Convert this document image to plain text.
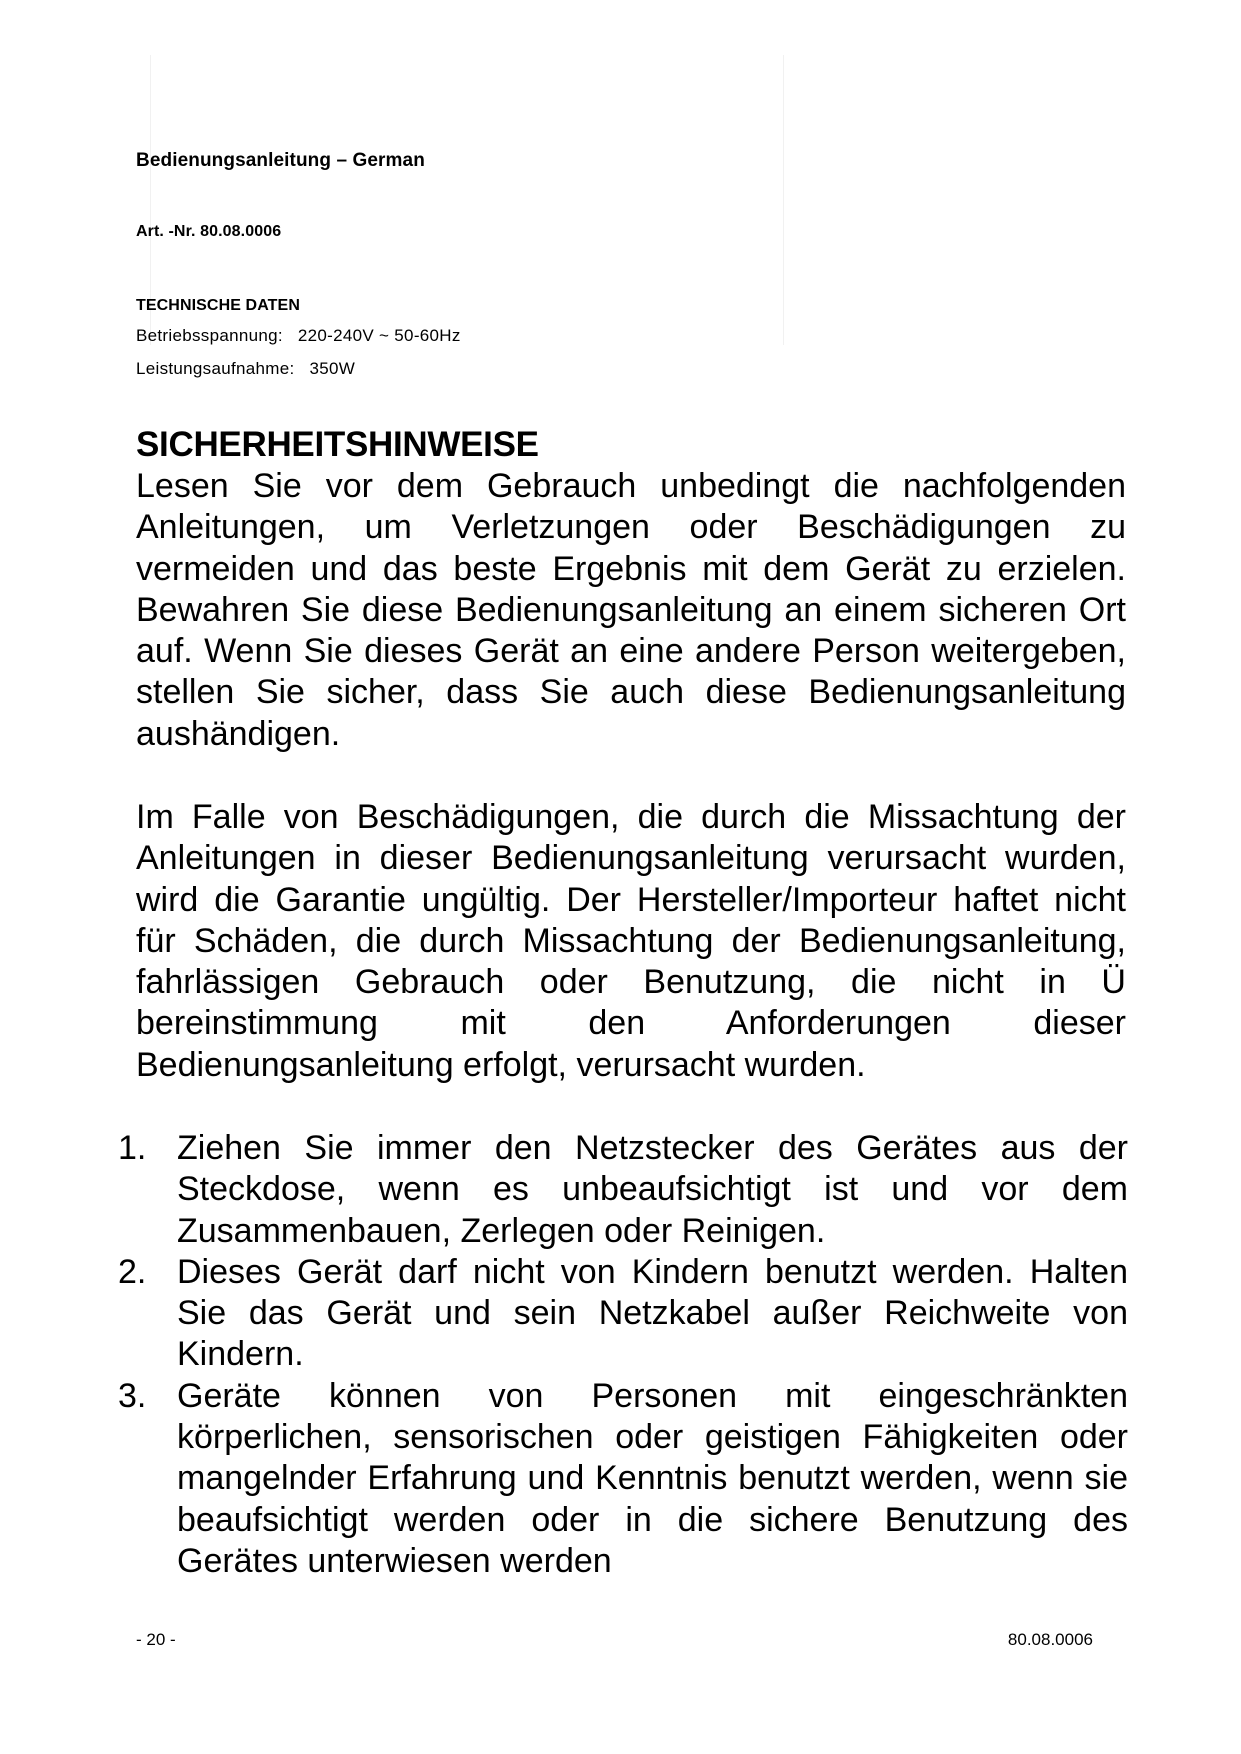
Bedienungsanleitung – German
Art. -Nr. 80.08.0006
TECHNISCHE DATEN
Betriebsspannung: 220-240V ~ 50-60Hz
Leistungsaufnahme: 350W
SICHERHEITSHINWEISE
Lesen Sie vor dem Gebrauch unbedingt die nachfolgenden Anleitungen, um Verletzungen oder Beschädigungen zu vermeiden und das beste Ergebnis mit dem Gerät zu erzielen. Bewahren Sie diese Bedienungsanleitung an einem sicheren Ort auf. Wenn Sie dieses Gerät an eine andere Person weitergeben, stellen Sie sicher, dass Sie auch diese Bedienungsanleitung aushändigen.
Im Falle von Beschädigungen, die durch die Missachtung der Anleitungen in dieser Bedienungsanleitung verursacht wurden, wird die Garantie ungültig. Der Hersteller/Importeur haftet nicht für Schäden, die durch Missachtung der Bedienungsanleitung, fahrlässigen Gebrauch oder Benutzung, die nicht in Ü bereinstimmung mit den Anforderungen dieser Bedienungsanleitung erfolgt, verursacht wurden.
1. Ziehen Sie immer den Netzstecker des Gerätes aus der Steckdose, wenn es unbeaufsichtigt ist und vor dem Zusammenbauen, Zerlegen oder Reinigen.
2. Dieses Gerät darf nicht von Kindern benutzt werden. Halten Sie das Gerät und sein Netzkabel außer Reichweite von Kindern.
3. Geräte können von Personen mit eingeschränkten körperlichen, sensorischen oder geistigen Fähigkeiten oder mangelnder Erfahrung und Kenntnis benutzt werden, wenn sie beaufsichtigt werden oder in die sichere Benutzung des Gerätes unterwiesen werden
- 20 -	80.08.0006
